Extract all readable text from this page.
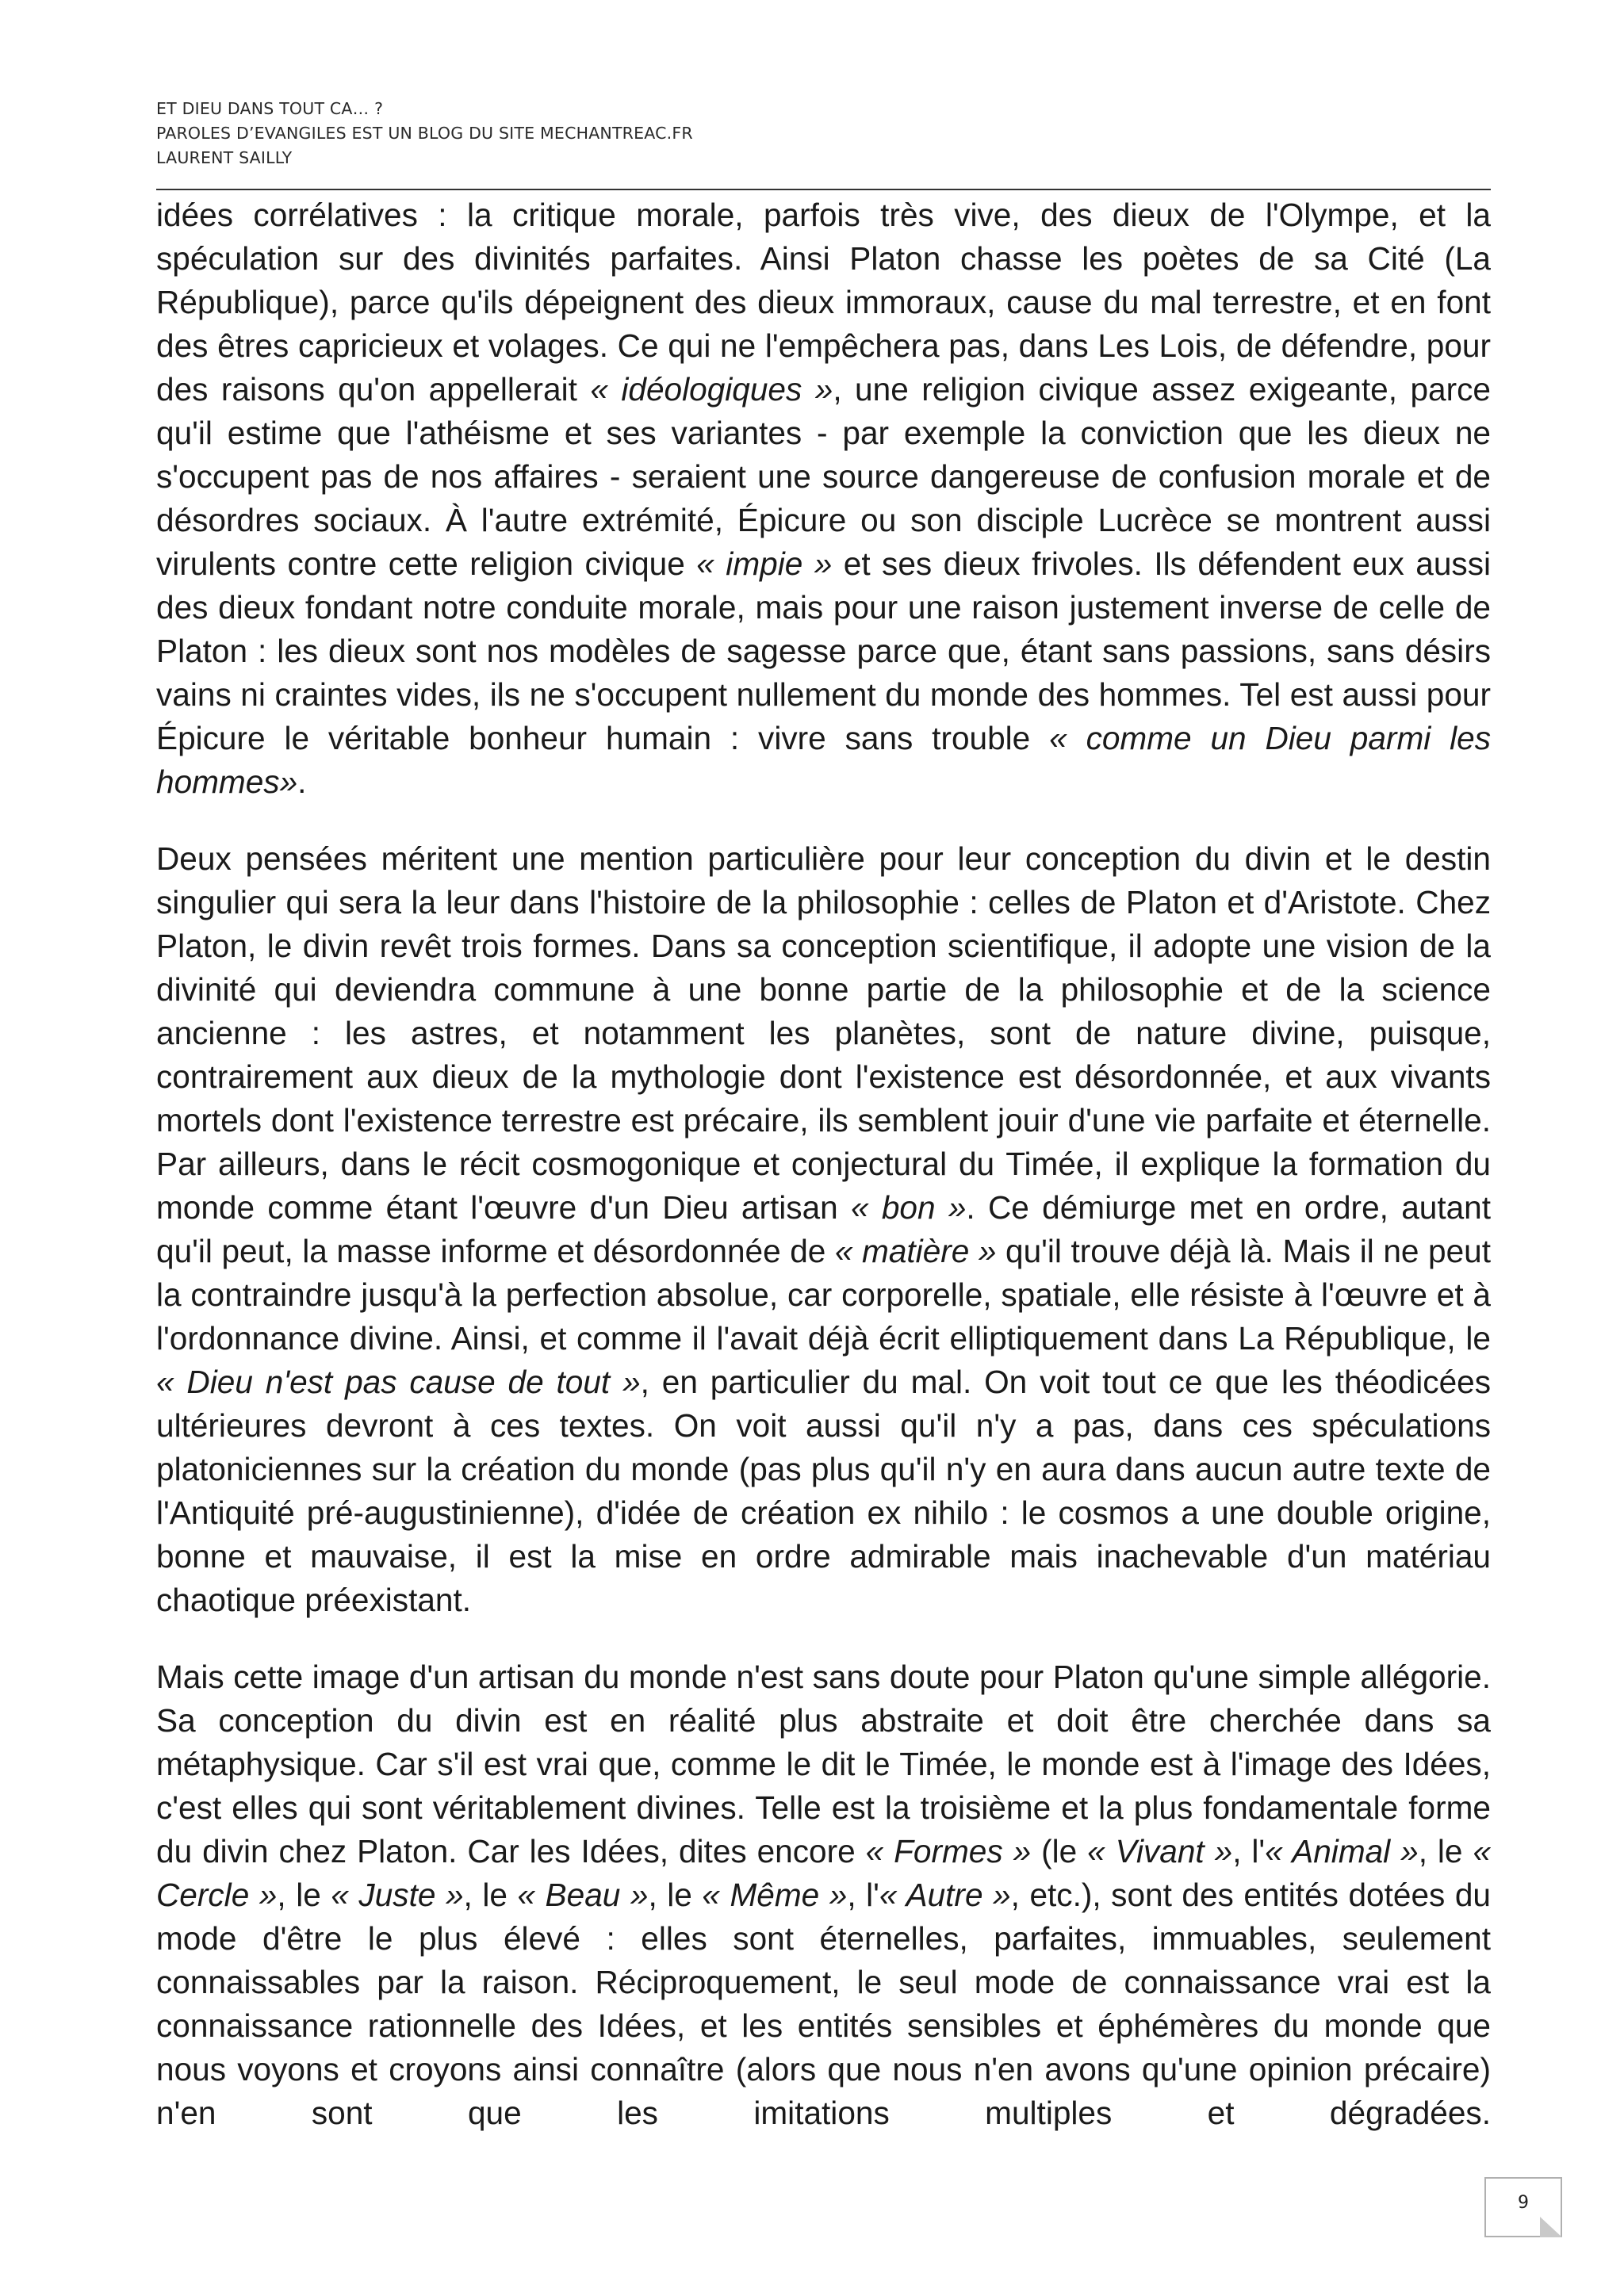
ET DIEU DANS TOUT CA… ?
PAROLES D’EVANGILES EST UN BLOG DU SITE MECHANTREAC.FR
LAURENT SAILLY

idées corrélatives : la critique morale, parfois très vive, des dieux de l'Olympe, et la spéculation sur des divinités parfaites. Ainsi Platon chasse les poètes de sa Cité (La République), parce qu'ils dépeignent des dieux immoraux, cause du mal terrestre, et en font des êtres capricieux et volages. Ce qui ne l'empêchera pas, dans Les Lois, de défendre, pour des raisons qu'on appellerait « idéologiques », une religion civique assez exigeante, parce qu'il estime que l'athéisme et ses variantes - par exemple la conviction que les dieux ne s'occupent pas de nos affaires - seraient une source dangereuse de confusion morale et de désordres sociaux. À l'autre extrémité, Épicure ou son disciple Lucrèce se montrent aussi virulents contre cette religion civique « impie » et ses dieux frivoles. Ils défendent eux aussi des dieux fondant notre conduite morale, mais pour une raison justement inverse de celle de Platon : les dieux sont nos modèles de sagesse parce que, étant sans passions, sans désirs vains ni craintes vides, ils ne s'occupent nullement du monde des hommes. Tel est aussi pour Épicure le véritable bonheur humain : vivre sans trouble « comme un Dieu parmi les hommes».

Deux pensées méritent une mention particulière pour leur conception du divin et le destin singulier qui sera la leur dans l'histoire de la philosophie : celles de Platon et d'Aristote. Chez Platon, le divin revêt trois formes. Dans sa conception scientifique, il adopte une vision de la divinité qui deviendra commune à une bonne partie de la philosophie et de la science ancienne : les astres, et notamment les planètes, sont de nature divine, puisque, contrairement aux dieux de la mythologie dont l'existence est désordonnée, et aux vivants mortels dont l'existence terrestre est précaire, ils semblent jouir d'une vie parfaite et éternelle. Par ailleurs, dans le récit cosmogonique et conjectural du Timée, il explique la formation du monde comme étant l'œuvre d'un Dieu artisan « bon ». Ce démiurge met en ordre, autant qu'il peut, la masse informe et désordonnée de « matière » qu'il trouve déjà là. Mais il ne peut la contraindre jusqu'à la perfection absolue, car corporelle, spatiale, elle résiste à l'œuvre et à l'ordonnance divine. Ainsi, et comme il l'avait déjà écrit elliptiquement dans La République, le « Dieu n'est pas cause de tout », en particulier du mal. On voit tout ce que les théodicées ultérieures devront à ces textes. On voit aussi qu'il n'y a pas, dans ces spéculations platoniciennes sur la création du monde (pas plus qu'il n'y en aura dans aucun autre texte de l'Antiquité pré-augustinienne), d'idée de création ex nihilo : le cosmos a une double origine, bonne et mauvaise, il est la mise en ordre admirable mais inachevable d'un matériau chaotique préexistant.

Mais cette image d'un artisan du monde n'est sans doute pour Platon qu'une simple allégorie. Sa conception du divin est en réalité plus abstraite et doit être cherchée dans sa métaphysique. Car s'il est vrai que, comme le dit le Timée, le monde est à l'image des Idées, c'est elles qui sont véritablement divines. Telle est la troisième et la plus fondamentale forme du divin chez Platon. Car les Idées, dites encore « Formes » (le « Vivant », l'« Animal », le « Cercle », le « Juste », le « Beau », le « Même », l'« Autre », etc.), sont des entités dotées du mode d'être le plus élevé : elles sont éternelles, parfaites, immuables, seulement connaissables par la raison. Réciproquement, le seul mode de connaissance vrai est la connaissance rationnelle des Idées, et les entités sensibles et éphémères du monde que nous voyons et croyons ainsi connaître (alors que nous n'en avons qu'une opinion précaire) n'en sont que les imitations multiples et dégradées.

9
